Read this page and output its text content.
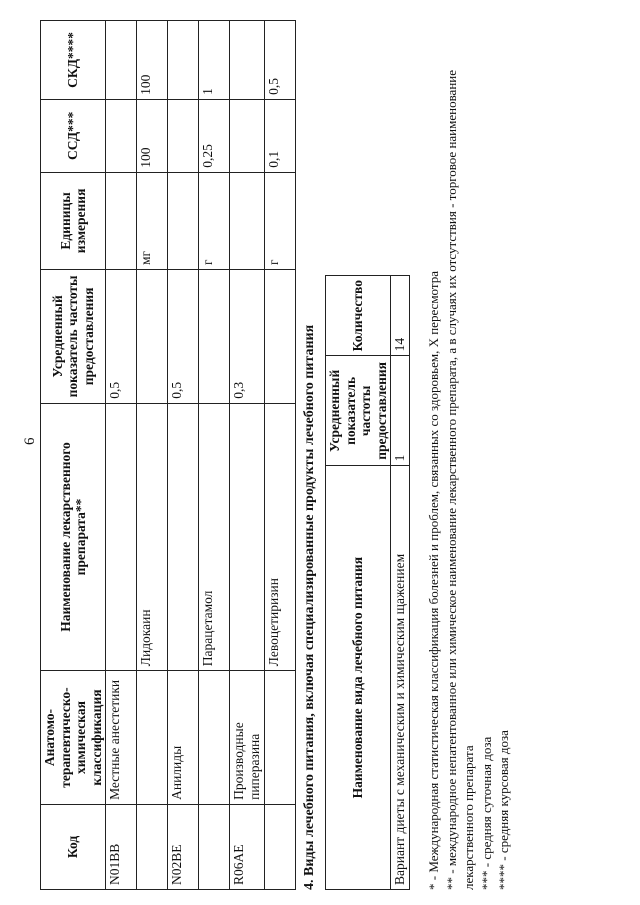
6
Код	Анатомо-терапевтическо-химическая классификация	Наименование лекарственного препарата**	Усредненный показатель частоты предоставления	Единицы измерения	ССД***	СКД****
N01BB	Местные анестетики		0,5			
		Лидокаин		мг	100	100
N02BE	Анилиды		0,5			
		Парацетамол		г	0,25	1
R06AE	Производные пиперазина		0,3			
		Левоцетиризин		г	0,1	0,5
4. Виды лечебного питания, включая специализированные продукты лечебного питания Наименование вида лечебного питания	Усредненный показатель частоты предоставления	Количество
Вариант диеты с механическим и химическим щажением	1	14 * - Международная статистическая классификация болезней и проблем, связанных со здоровьем, X пересмотра ** - международное непатентованное или химическое наименование лекарственного препарата, а в случаях их отсутствия - торговое наименование лекарственного препарата *** - средняя суточная доза **** - средняя курсовая доза
